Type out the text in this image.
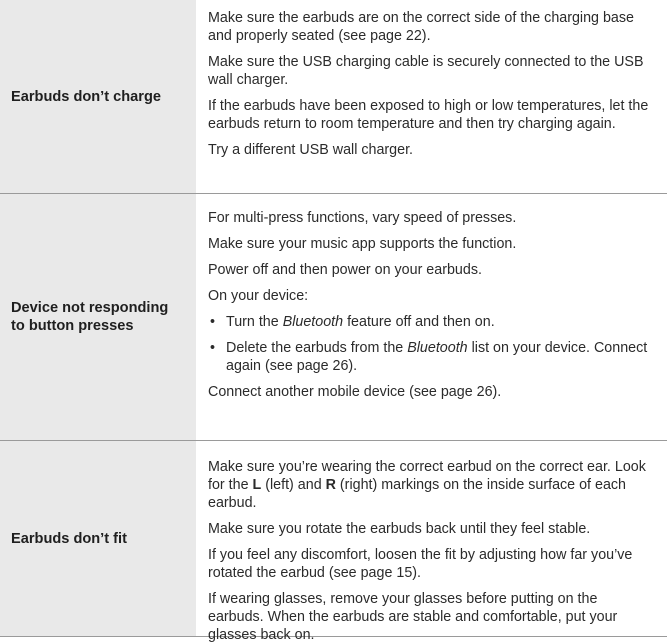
Earbuds don’t charge

Make sure the earbuds are on the correct side of the charging base and properly seated (see page 22).

Make sure the USB charging cable is securely connected to the USB wall charger.

If the earbuds have been exposed to high or low temperatures, let the earbuds return to room temperature and then try charging again.

Try a different USB wall charger.

Device not responding
to button presses

For multi-press functions, vary speed of presses.

Make sure your music app supports the function.

Power off and then power on your earbuds.

On your device:

• Turn the Bluetooth feature off and then on.
• Delete the earbuds from the Bluetooth list on your device. Connect again (see page 26).

Connect another mobile device (see page 26).

Earbuds don’t fit

Make sure you’re wearing the correct earbud on the correct ear. Look for the L (left) and R (right) markings on the inside surface of each earbud.

Make sure you rotate the earbuds back until they feel stable.

If you feel any discomfort, loosen the fit by adjusting how far you’ve rotated the earbud (see page 15).

If wearing glasses, remove your glasses before putting on the earbuds. When the earbuds are stable and comfortable, put your glasses back on.
